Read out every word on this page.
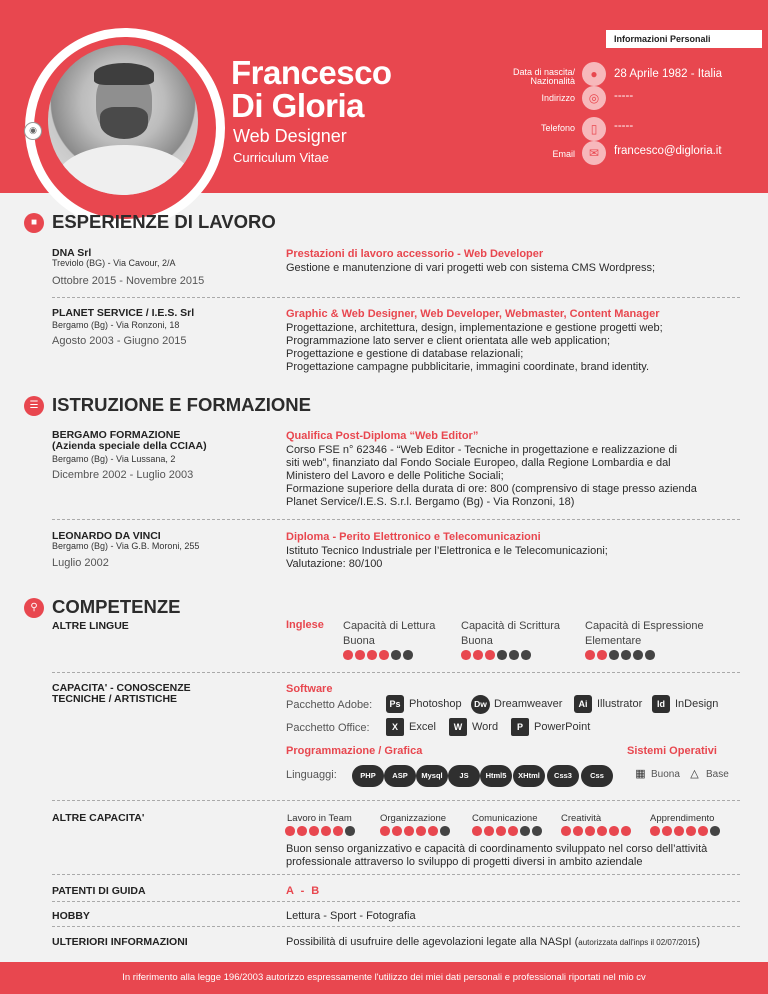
Informazioni Personali
◉
Francesco
Di Gloria
Web Designer
Curriculum Vitae
Data di nascita/
Nazionalità	●	28 Aprile 1982 - Italia
Indirizzo	◎	-----
Telefono	▯	-----
Email	✉	francesco@digloria.it
■ ESPERIENZE DI LAVORO
DNA Srl
Treviolo (BG) - Via Cavour, 2/A
Ottobre 2015 - Novembre 2015
Prestazioni di lavoro accessorio - Web Developer
Gestione e manutenzione di vari progetti web con sistema CMS Wordpress;
PLANET SERVICE / I.E.S. Srl
Bergamo (Bg) - Via Ronzoni, 18
Agosto 2003 - Giugno 2015
Graphic & Web Designer, Web Developer, Webmaster, Content Manager
Progettazione, architettura, design, implementazione e gestione progetti web;
Programmazione lato server e client orientata alle web application;
Progettazione e gestione di database relazionali;
Progettazione campagne pubblicitarie, immagini coordinate, brand identity.
☰ ISTRUZIONE E FORMAZIONE
BERGAMO FORMAZIONE
(Azienda speciale della CCIAA)
Bergamo (Bg) - Via Lussana, 2
Dicembre 2002 - Luglio 2003
Qualifica Post-Diploma “Web Editor”
Corso FSE n° 62346 - “Web Editor - Tecniche in progettazione e realizzazione di
siti web”, finanziato dal Fondo Sociale Europeo, dalla Regione Lombardia e dal
Ministero del Lavoro e delle Politiche Sociali;
Formazione superiore della durata di ore: 800 (comprensivo di stage presso azienda
Planet Service/I.E.S. S.r.l. Bergamo (Bg) - Via Ronzoni, 18)
LEONARDO DA VINCI
Bergamo (Bg) - Via G.B. Moroni, 255
Luglio 2002
Diploma - Perito Elettronico e Telecomunicazioni
Istituto Tecnico Industriale per l’Elettronica e le Telecomunicazioni;
Valutazione: 80/100
⚲ COMPETENZE
ALTRE LINGUE	Inglese Capacità di Lettura
Buona
Capacità di Scrittura
Buona
Capacità di Espressione
Elementare
CAPACITA' - CONOSCENZE
TECNICHE / ARTISTICHE
Software
Pacchetto Adobe:	Ps Photoshop	Dw Dreamweaver	Ai Illustrator	Id InDesign
Pacchetto Office:	X	Excel	W Word	P	PowerPoint
Programmazione / Grafica	Sistemi Operativi
Linguaggi:	PHP	ASP	Mysql	JS	Html5	XHtml	Css3	Css	▦ Buona △ Base
ALTRE CAPACITA'	Lavoro in Team	Organizzazione	Comunicazione Creatività	Apprendimento
Buon senso organizzativo e capacità di coordinamento sviluppato nel corso dell’attività
professionale attraverso lo sviluppo di progetti diversi in ambito aziendale
PATENTI DI GUIDA	A - B
HOBBY	Lettura - Sport - Fotografia
ULTERIORI INFORMAZIONI	Possibilità di usufruire delle agevolazioni legate alla NASpI (autorizzata dall'inps il 02/07/2015)
In riferimento alla legge 196/2003 autorizzo espressamente l'utilizzo dei miei dati personali e professionali riportati nel mio cv
